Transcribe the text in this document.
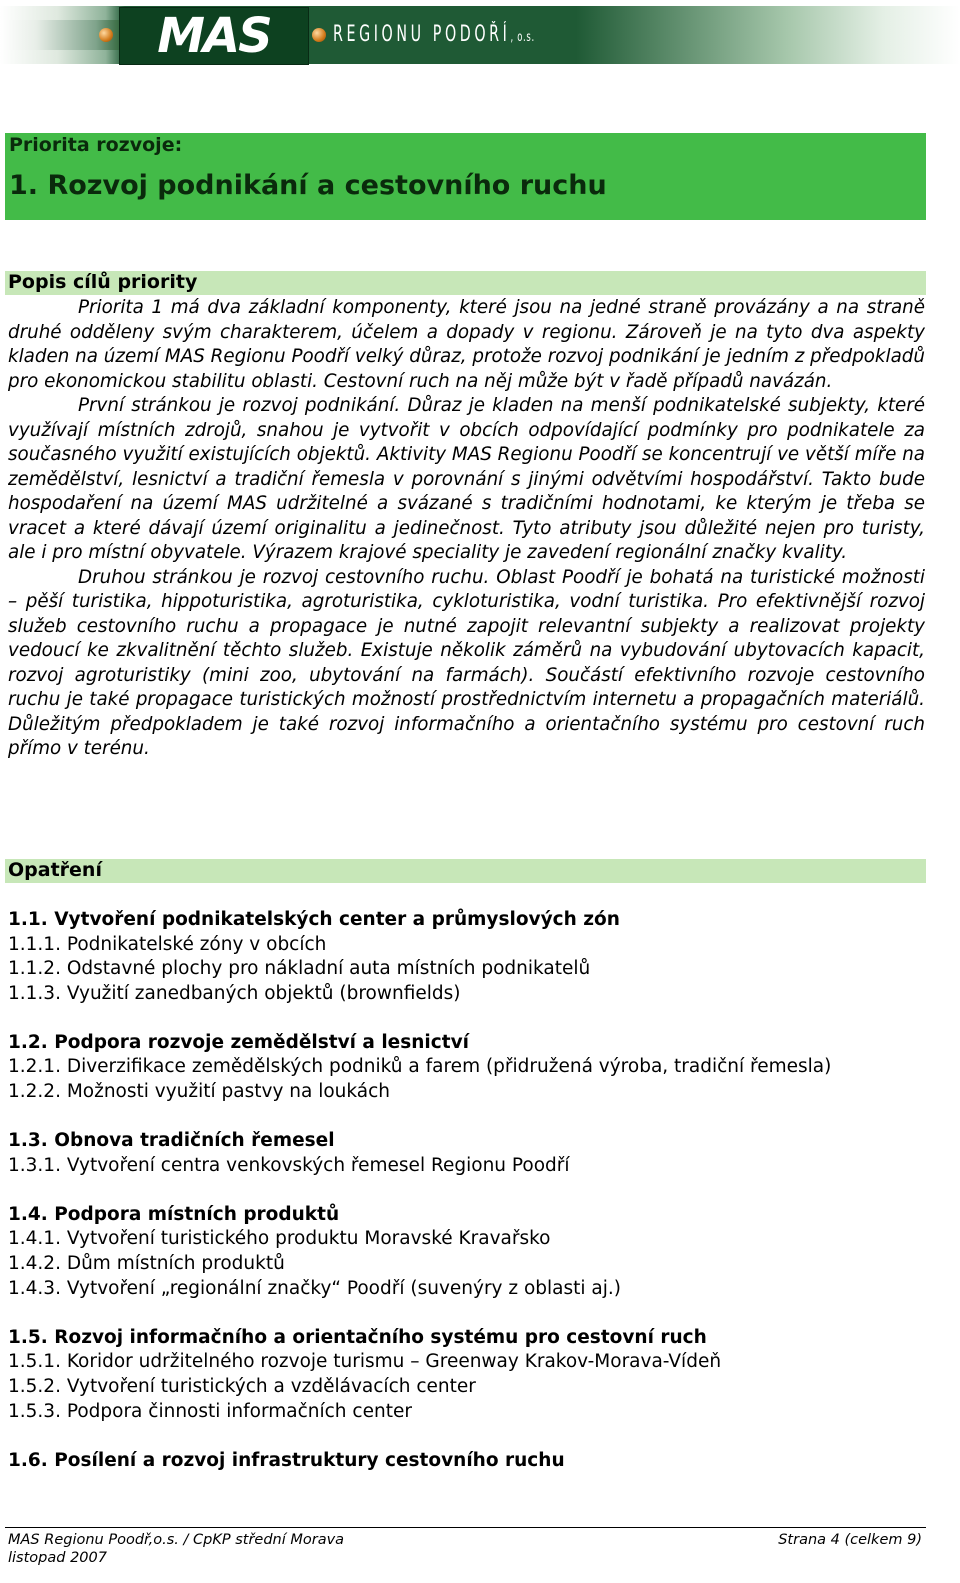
MAS	REGIONU PODOŘÍ, o.s.
Priorita rozvoje:
1. Rozvoj podnikání a cestovního ruchu
Popis cílů priority

Priorita 1 má dva základní komponenty, které jsou na jedné straně provázány a na straně druhé odděleny svým charakterem, účelem a dopady v regionu. Zároveň je na tyto dva aspekty kladen na území MAS Regionu Poodří velký důraz, protože rozvoj podnikání je jedním z předpokladů pro ekonomickou stabilitu oblasti. Cestovní ruch na něj může být v řadě případů navázán.

První stránkou je rozvoj podnikání. Důraz je kladen na menší podnikatelské subjekty, které využívají místních zdrojů, snahou je vytvořit v obcích odpovídající podmínky pro podnikatele za současného využití existujících objektů. Aktivity MAS Regionu Poodří se koncentrují ve větší míře na zemědělství, lesnictví a tradiční řemesla v porovnání s jinými odvětvími hospodářství. Takto bude hospodaření na území MAS udržitelné a svázané s tradičními hodnotami, ke kterým je třeba se vracet a které dávají území originalitu a jedinečnost. Tyto atributy jsou důležité nejen pro turisty, ale i pro místní obyvatele. Výrazem krajové speciality je zavedení regionální značky kvality.

Druhou stránkou je rozvoj cestovního ruchu. Oblast Poodří je bohatá na turistické možnosti – pěší turistika, hippoturistika, agroturistika, cykloturistika, vodní turistika. Pro efektivnější rozvoj služeb cestovního ruchu a propagace je nutné zapojit relevantní subjekty a realizovat projekty vedoucí ke zkvalitnění těchto služeb. Existuje několik záměrů na vybudování ubytovacích kapacit, rozvoj agroturistiky (mini zoo, ubytování na farmách). Součástí efektivního rozvoje cestovního ruchu je také propagace turistických možností prostřednictvím internetu a propagačních materiálů. Důležitým předpokladem je také rozvoj informačního a orientačního systému pro cestovní ruch přímo v terénu.

Opatření
1.1. Vytvoření podnikatelských center a průmyslových zón
1.1.1. Podnikatelské zóny v obcích
1.1.2. Odstavné plochy pro nákladní auta místních podnikatelů
1.1.3. Využití zanedbaných objektů (brownfields)
1.2. Podpora rozvoje zemědělství a lesnictví
1.2.1. Diverzifikace zemědělských podniků a farem (přidružená výroba, tradiční řemesla)
1.2.2. Možnosti využití pastvy na loukách
1.3. Obnova tradičních řemesel
1.3.1. Vytvoření centra venkovských řemesel Regionu Poodří
1.4. Podpora místních produktů
1.4.1. Vytvoření turistického produktu Moravské Kravařsko
1.4.2. Dům místních produktů
1.4.3. Vytvoření „regionální značky“ Poodří (suvenýry z oblasti aj.)
1.5. Rozvoj informačního a orientačního systému pro cestovní ruch
1.5.1. Koridor udržitelného rozvoje turismu – Greenway Krakov-Morava-Vídeň
1.5.2. Vytvoření turistických a vzdělávacích center
1.5.3. Podpora činnosti informačních center
1.6. Posílení a rozvoj infrastruktury cestovního ruchu
MAS Regionu Poodř,o.s. / CpKP střední Morava
listopad 2007
Strana 4 (celkem 9)
